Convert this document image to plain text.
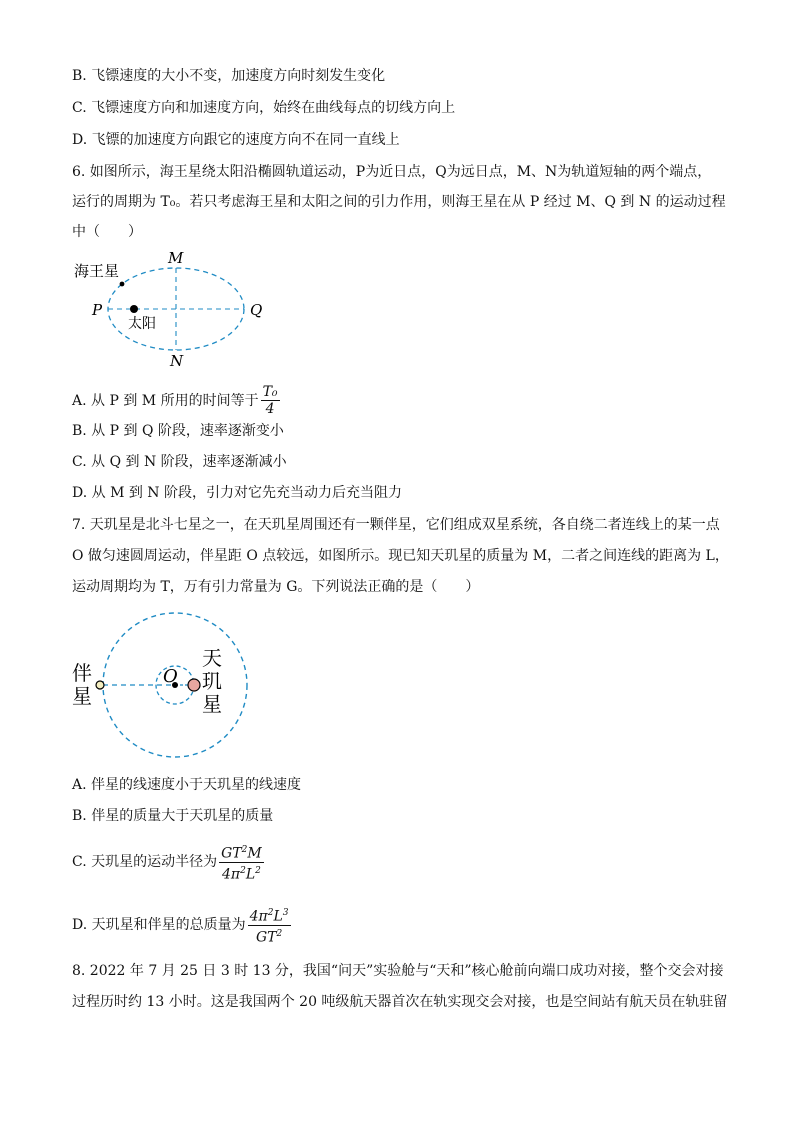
B. 飞镖速度的大小不变，加速度方向时刻发生变化
C. 飞镖速度方向和加速度方向，始终在曲线每点的切线方向上
D. 飞镖的加速度方向跟它的速度方向不在同一直线上
6. 如图所示，海王星绕太阳沿椭圆轨道运动，P为近日点，Q为远日点，M、N为轨道短轴的两个端点，
运行的周期为 T₀。若只考虑海王星和太阳之间的引力作用，则海王星在从 P 经过 M、Q 到 N 的运动过程
中（　　）
海王星
太阳
P	Q
M
N
A. 从 P 到 M 所用的时间等于 $\frac{\text{T₀}}{4}$
B. 从 P 到 Q 阶段，速率逐渐变小
C. 从 Q 到 N 阶段，速率逐渐减小
D. 从 M 到 N 阶段，引力对它先充当动力后充当阻力
7. 天玑星是北斗七星之一，在天玑星周围还有一颗伴星，它们组成双星系统，各自绕二者连线上的某一点
O 做匀速圆周运动，伴星距 O 点较远，如图所示。现已知天玑星的质量为 M，二者之间连线的距离为 L，
运动周期均为 T，万有引力常量为 G。下列说法正确的是（　　）
O
伴
星
天
玑
星
A. 伴星的线速度小于天玑星的线速度
B. 伴星的质量大于天玑星的质量
C. 天玑星的运动半径为 $\frac{GT^2M}{4\pi^2L^2}$
D. 天玑星和伴星的总质量为 $\frac{4\pi^2L^3}{GT^2}$
8. 2022 年 7 月 25 日 3 时 13 分，我国“问天”实验舱与“天和”核心舱前向端口成功对接，整个交会对接
过程历时约 13 小时。这是我国两个 20 吨级航天器首次在轨实现交会对接，也是空间站有航天员在轨驻留
